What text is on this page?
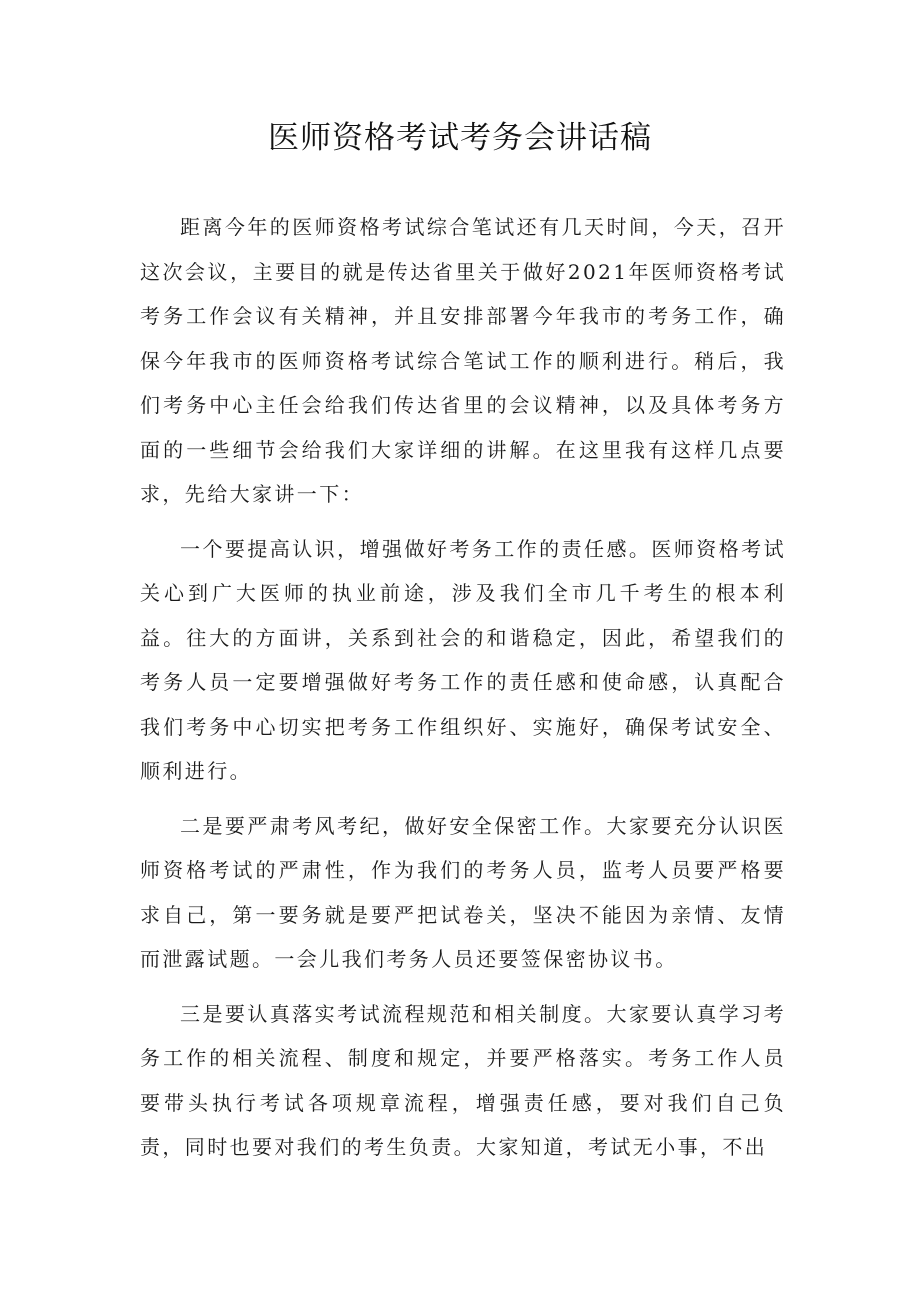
医师资格考试考务会讲话稿

距离今年的医师资格考试综合笔试还有几天时间，今天，召开这次会议，主要目的就是传达省里关于做好2021年医师资格考试考务工作会议有关精神，并且安排部署今年我市的考务工作，确保今年我市的医师资格考试综合笔试工作的顺利进行。稍后，我们考务中心主任会给我们传达省里的会议精神，以及具体考务方面的一些细节会给我们大家详细的讲解。在这里我有这样几点要求，先给大家讲一下：

一个要提高认识，增强做好考务工作的责任感。医师资格考试关心到广大医师的执业前途，涉及我们全市几千考生的根本利益。往大的方面讲，关系到社会的和谐稳定，因此，希望我们的考务人员一定要增强做好考务工作的责任感和使命感，认真配合我们考务中心切实把考务工作组织好、实施好，确保考试安全、顺利进行。

二是要严肃考风考纪，做好安全保密工作。大家要充分认识医师资格考试的严肃性，作为我们的考务人员，监考人员要严格要求自己，第一要务就是要严把试卷关，坚决不能因为亲情、友情而泄露试题。一会儿我们考务人员还要签保密协议书。

三是要认真落实考试流程规范和相关制度。大家要认真学习考务工作的相关流程、制度和规定，并要严格落实。考务工作人员要带头执行考试各项规章流程，增强责任感，要对我们自己负责，同时也要对我们的考生负责。大家知道，考试无小事，不出
